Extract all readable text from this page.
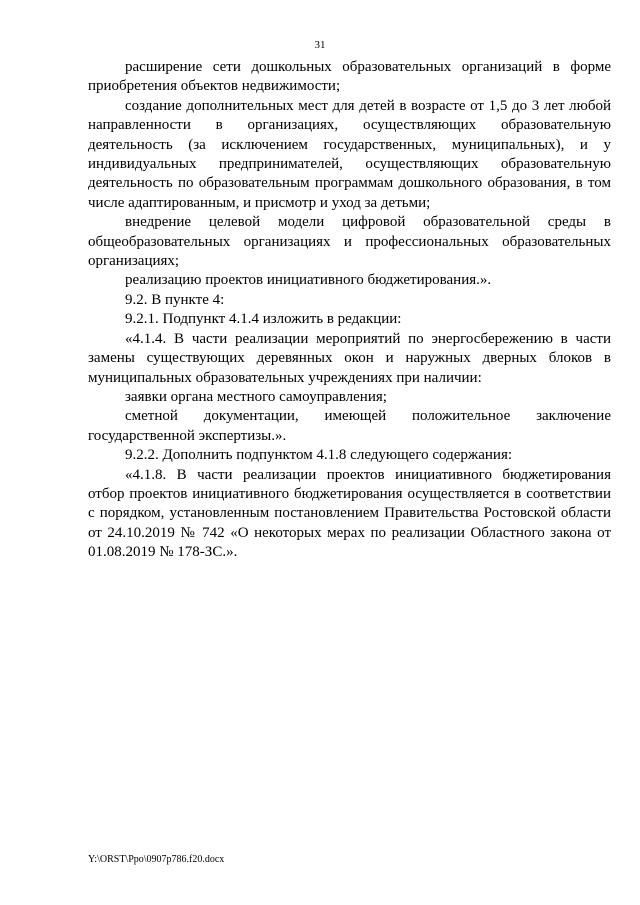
31

расширение сети дошкольных образовательных организаций в форме приобретения объектов недвижимости;

создание дополнительных мест для детей в возрасте от 1,5 до 3 лет любой направленности в организациях, осуществляющих образовательную деятельность (за исключением государственных, муниципальных), и у индивидуальных предпринимателей, осуществляющих образовательную деятельность по образовательным программам дошкольного образования, в том числе адаптированным, и присмотр и уход за детьми;

внедрение целевой модели цифровой образовательной среды в общеобразовательных организациях и профессиональных образовательных организациях;

реализацию проектов инициативного бюджетирования.».

9.2. В пункте 4:

9.2.1. Подпункт 4.1.4 изложить в редакции:

«4.1.4. В части реализации мероприятий по энергосбережению в части замены существующих деревянных окон и наружных дверных блоков в муниципальных образовательных учреждениях при наличии:

заявки органа местного самоуправления;

сметной документации, имеющей положительное заключение государственной экспертизы.».

9.2.2. Дополнить подпунктом 4.1.8 следующего содержания:

«4.1.8. В части реализации проектов инициативного бюджетирования отбор проектов инициативного бюджетирования осуществляется в соответствии с порядком, установленным постановлением Правительства Ростовской области от 24.10.2019 № 742 «О некоторых мерах по реализации Областного закона от 01.08.2019 № 178-ЗС.».

Y:\ORST\Ppo\0907p786.f20.docx
